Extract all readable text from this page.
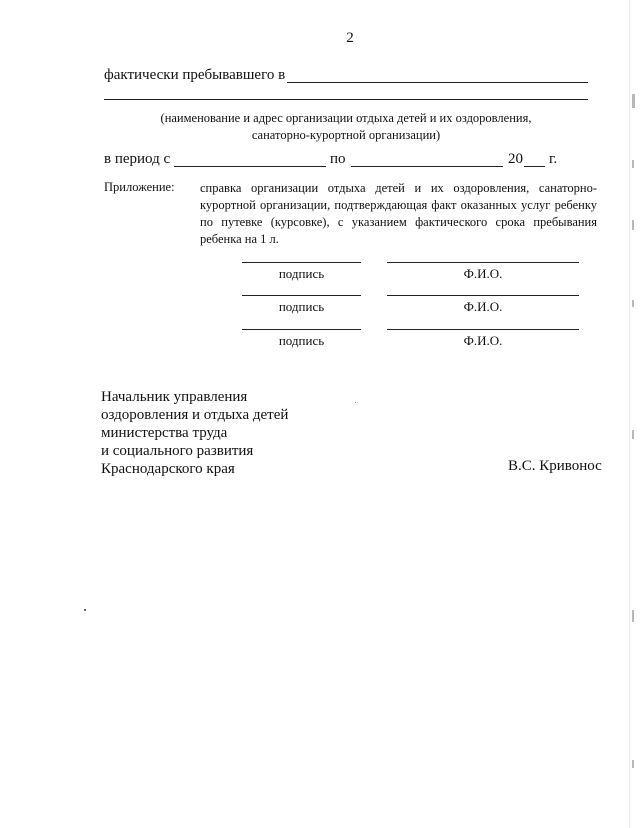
2
фактически пребывавшего в
(наименование и адрес организации отдыха детей и их оздоровления,
санаторно-курортной организации)
в период с	по	20 г.
Приложение: справка организации отдыха детей и их оздоровления, санаторно-курортной организации, подтверждающая факт оказанных услуг ребенку по путевке (курсовке), с указанием фактического срока пребывания ребенка на 1 л.
подпись	Ф.И.О.
подпись	Ф.И.О.
подпись	Ф.И.О.
Начальник управления
оздоровления и отдыха детей
министерства труда
и социального развития
Краснодарского края	В.С. Кривонос
